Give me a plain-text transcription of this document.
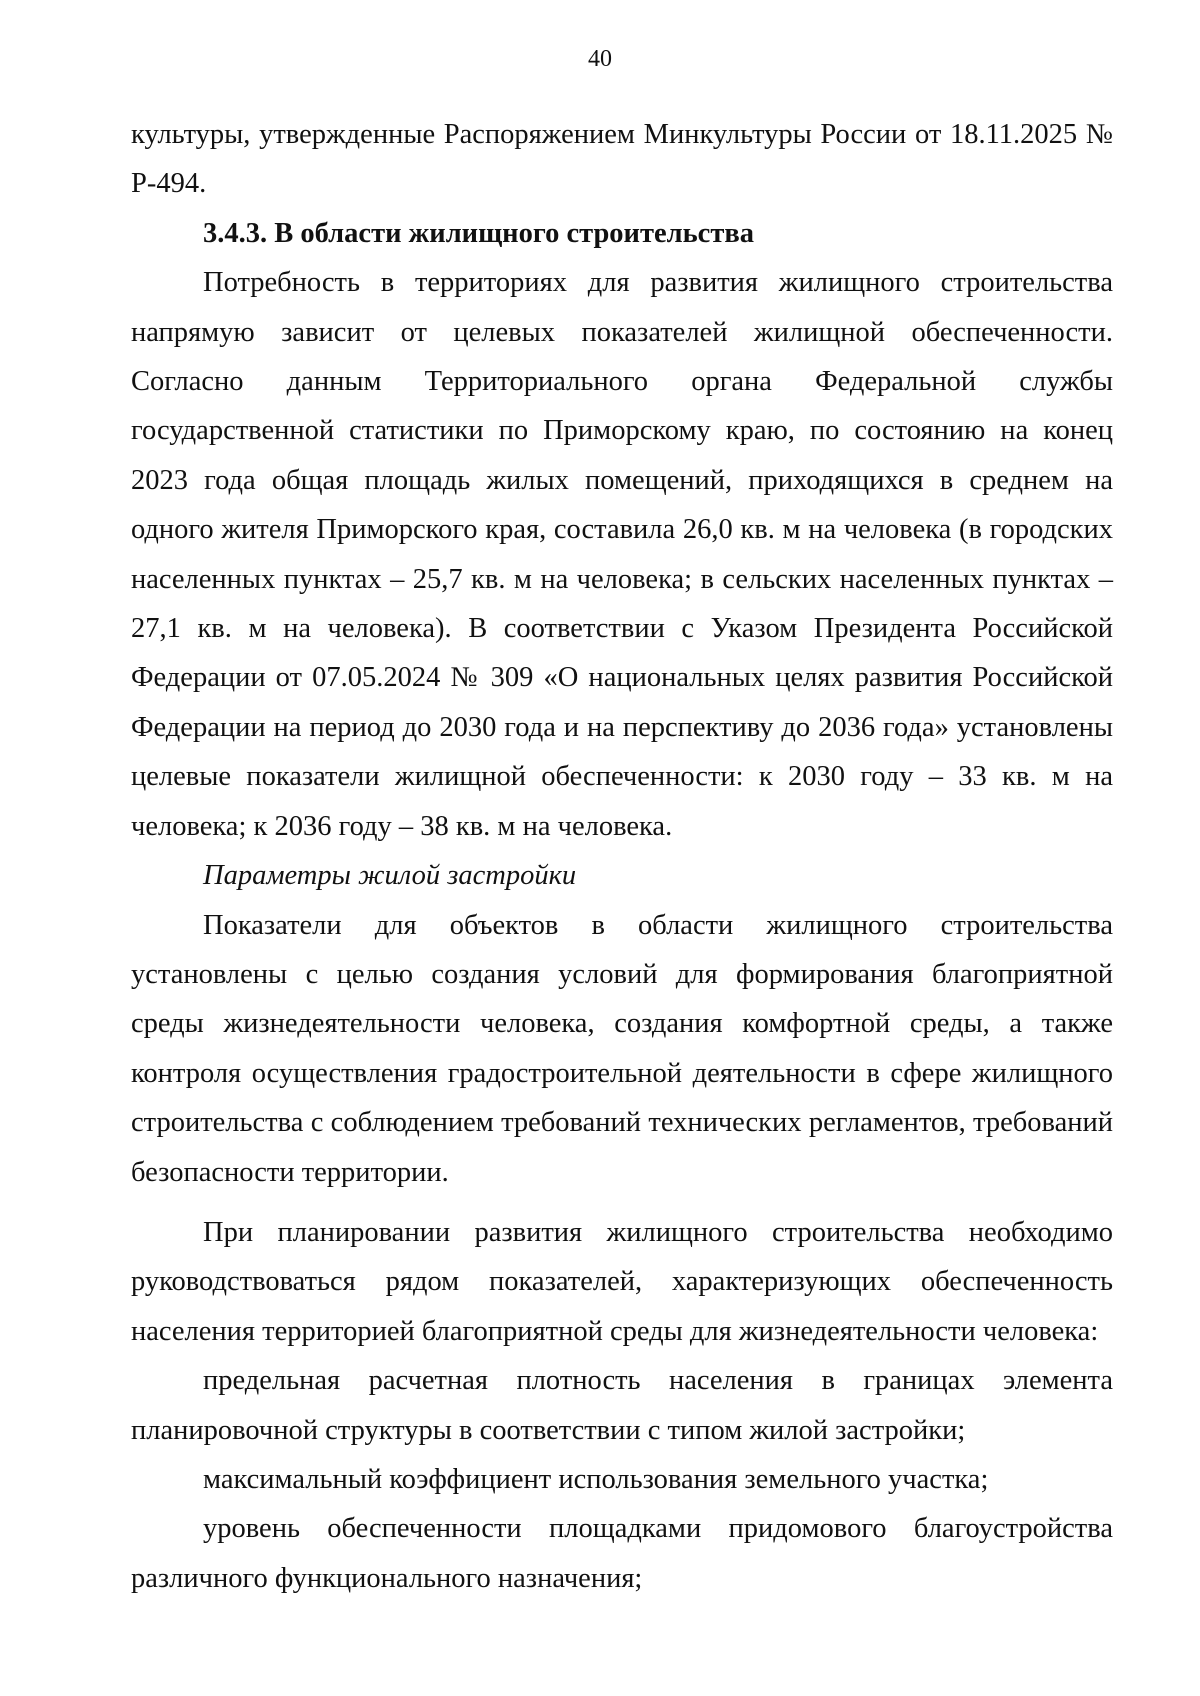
40

культуры, утвержденные Распоряжением Минкультуры России от 18.11.2025 № Р-494.

3.4.3. В области жилищного строительства

Потребность в территориях для развития жилищного строительства напрямую зависит от целевых показателей жилищной обеспеченности. Согласно данным Территориального органа Федеральной службы государственной статистики по Приморскому краю, по состоянию на конец 2023 года общая площадь жилых помещений, приходящихся в среднем на одного жителя Приморского края, составила 26,0 кв. м на человека (в городских населенных пунктах – 25,7 кв. м на человека; в сельских населенных пунктах – 27,1 кв. м на человека). В соответствии с Указом Президента Российской Федерации от 07.05.2024 № 309 «О национальных целях развития Российской Федерации на период до 2030 года и на перспективу до 2036 года» установлены целевые показатели жилищной обеспеченности: к 2030 году – 33 кв. м на человека; к 2036 году – 38 кв. м на человека.

Параметры жилой застройки

Показатели для объектов в области жилищного строительства установлены с целью создания условий для формирования благоприятной среды жизнедеятельности человека, создания комфортной среды, а также контроля осуществления градостроительной деятельности в сфере жилищного строительства с соблюдением требований технических регламентов, требований безопасности территории.

При планировании развития жилищного строительства необходимо руководствоваться рядом показателей, характеризующих обеспеченность населения территорией благоприятной среды для жизнедеятельности человека:

предельная расчетная плотность населения в границах элемента планировочной структуры в соответствии с типом жилой застройки;

максимальный коэффициент использования земельного участка;

уровень обеспеченности площадками придомового благоустройства различного функционального назначения;
